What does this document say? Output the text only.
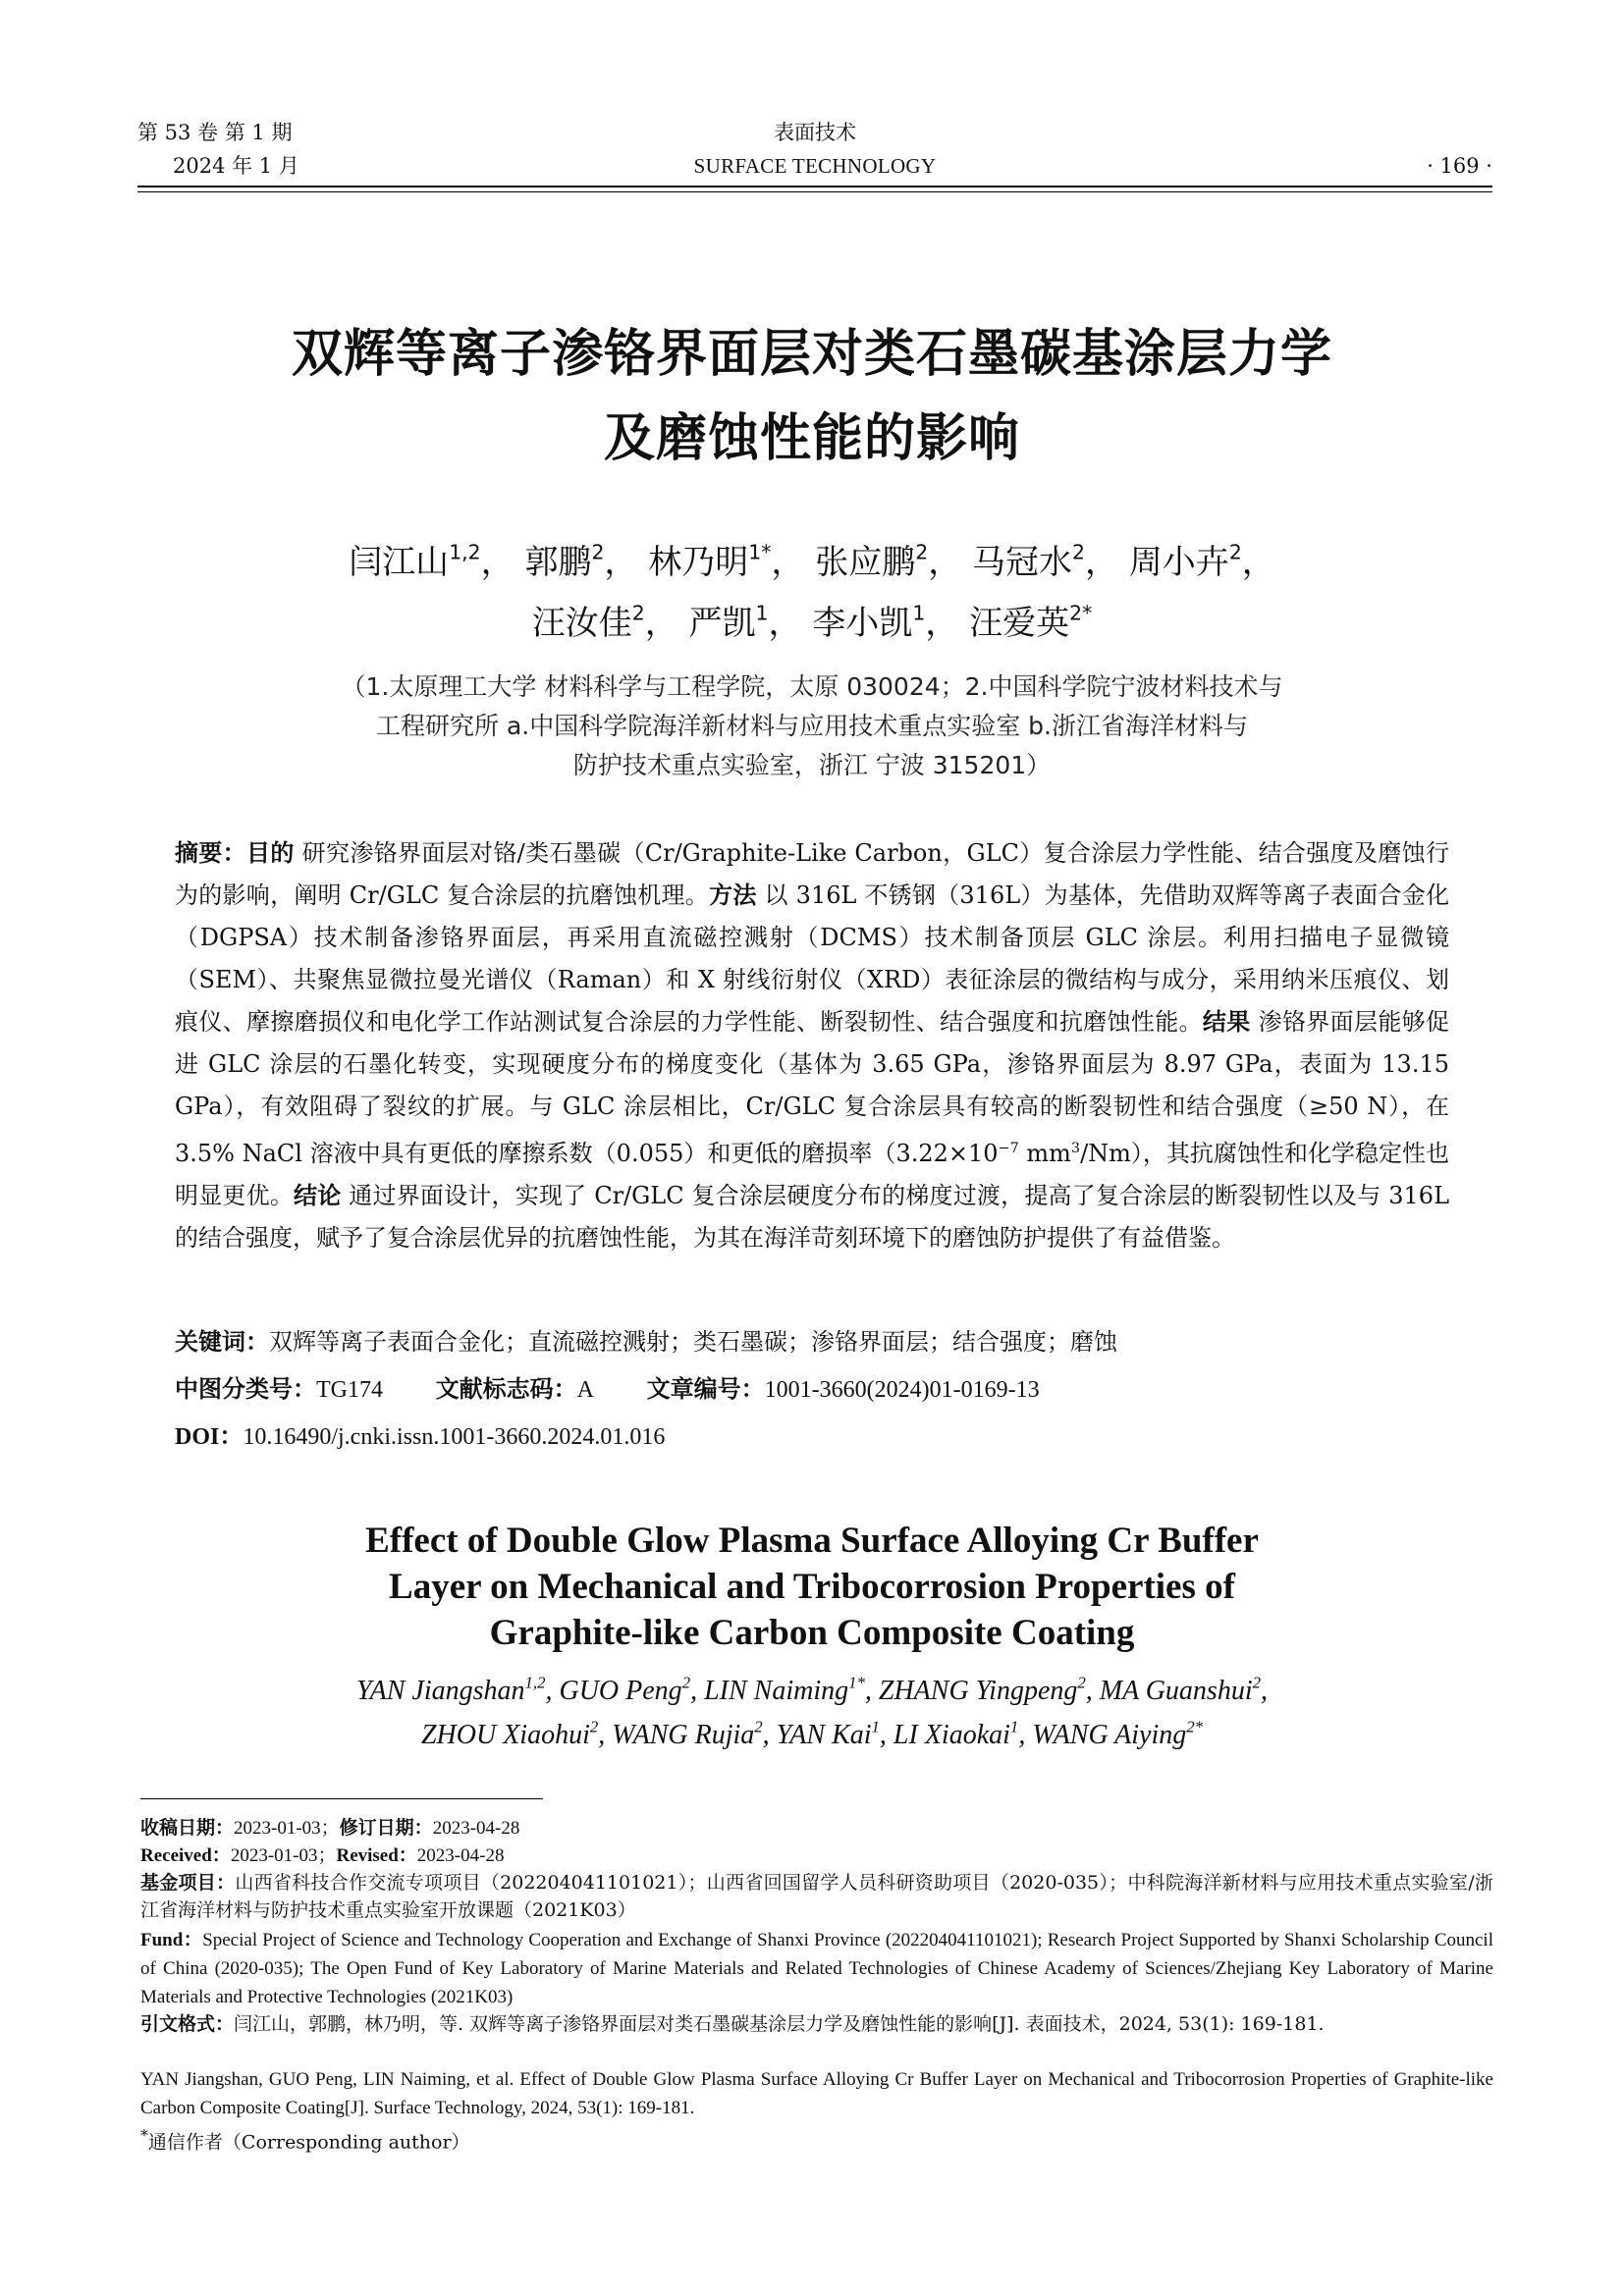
第 53 卷 第 1 期
2024 年 1 月
表面技术
SURFACE TECHNOLOGY	· 169 ·
双辉等离子渗铬界面层对类石墨碳基涂层力学
及磨蚀性能的影响
闫江山$^{1,2}$， 郭鹏$^2$， 林乃明$^{1*}$， 张应鹏$^2$， 马冠水$^2$， 周小卉$^2$，
汪汝佳$^2$， 严凯$^1$， 李小凯$^1$， 汪爱英$^{2*}$
（1.太原理工大学 材料科学与工程学院，太原 030024；2.中国科学院宁波材料技术与
工程研究所 a.中国科学院海洋新材料与应用技术重点实验室 b.浙江省海洋材料与
防护技术重点实验室，浙江 宁波 315201）
摘要：目的 研究渗铬界面层对铬/类石墨碳（Cr/Graphite-Like Carbon，GLC）复合涂层力学性能、结合强度及磨蚀行为的影响，阐明 Cr/GLC 复合涂层的抗磨蚀机理。方法 以 316L 不锈钢（316L）为基体，先借助双辉等离子表面合金化（DGPSA）技术制备渗铬界面层，再采用直流磁控溅射（DCMS）技术制备顶层 GLC 涂层。利用扫描电子显微镜（SEM）、共聚焦显微拉曼光谱仪（Raman）和 X 射线衍射仪（XRD）表征涂层的微结构与成分，采用纳米压痕仪、划痕仪、摩擦磨损仪和电化学工作站测试复合涂层的力学性能、断裂韧性、结合强度和抗磨蚀性能。结果 渗铬界面层能够促进 GLC 涂层的石墨化转变，实现硬度分布的梯度变化（基体为 3.65 GPa，渗铬界面层为 8.97 GPa，表面为 13.15 GPa），有效阻碍了裂纹的扩展。与 GLC 涂层相比，Cr/GLC 复合涂层具有较高的断裂韧性和结合强度（≥50 N），在 3.5% NaCl 溶液中具有更低的摩擦系数（0.055）和更低的磨损率（$3.22\times 10^{-7}$ $mm^3/Nm$），其抗腐蚀性和化学稳定性也明显更优。结论 通过界面设计，实现了 Cr/GLC 复合涂层硬度分布的梯度过渡，提高了复合涂层的断裂韧性以及与 316L 的结合强度，赋予了复合涂层优异的抗磨蚀性能，为其在海洋苛刻环境下的磨蚀防护提供了有益借鉴。
关键词：双辉等离子表面合金化；直流磁控溅射；类石墨碳；渗铬界面层；结合强度；磨蚀
中图分类号：TG174 文献标志码：A 文章编号：1001-3660(2024)01-0169-13
DOI：10.16490/j.cnki.issn.1001-3660.2024.01.016
Effect of Double Glow Plasma Surface Alloying Cr Buffer
Layer on Mechanical and Tribocorrosion Properties of
Graphite-like Carbon Composite Coating
YAN Jiangshan$^{1,2}$, GUO Peng$^2$, LIN Naiming$^{1*}$, ZHANG Yingpeng$^2$, MA Guanshui$^2$,
ZHOU Xiaohui$^2$, WANG Rujia$^2$, YAN Kai$^1$, LI Xiaokai$^1$, WANG Aiying$^{2*}$
收稿日期：2023-01-03；修订日期：2023-04-28
Received：2023-01-03；Revised：2023-04-28
基金项目：山西省科技合作交流专项项目（202204041101021）；山西省回国留学人员科研资助项目（2020-035）；中科院海洋新材料与应用技术重点实验室/浙江省海洋材料与防护技术重点实验室开放课题（2021K03）
Fund：Special Project of Science and Technology Cooperation and Exchange of Shanxi Province (202204041101021); Research Project Supported by Shanxi Scholarship Council of China (2020-035); The Open Fund of Key Laboratory of Marine Materials and Related Technologies of Chinese Academy of Sciences/Zhejiang Key Laboratory of Marine Materials and Protective Technologies (2021K03)
引文格式：闫江山，郭鹏，林乃明，等. 双辉等离子渗铬界面层对类石墨碳基涂层力学及磨蚀性能的影响[J]. 表面技术，2024, 53(1): 169-181.
YAN Jiangshan, GUO Peng, LIN Naiming, et al. Effect of Double Glow Plasma Surface Alloying Cr Buffer Layer on Mechanical and Tribocorrosion Properties of Graphite-like Carbon Composite Coating[J]. Surface Technology, 2024, 53(1): 169-181.
*通信作者（Corresponding author）
